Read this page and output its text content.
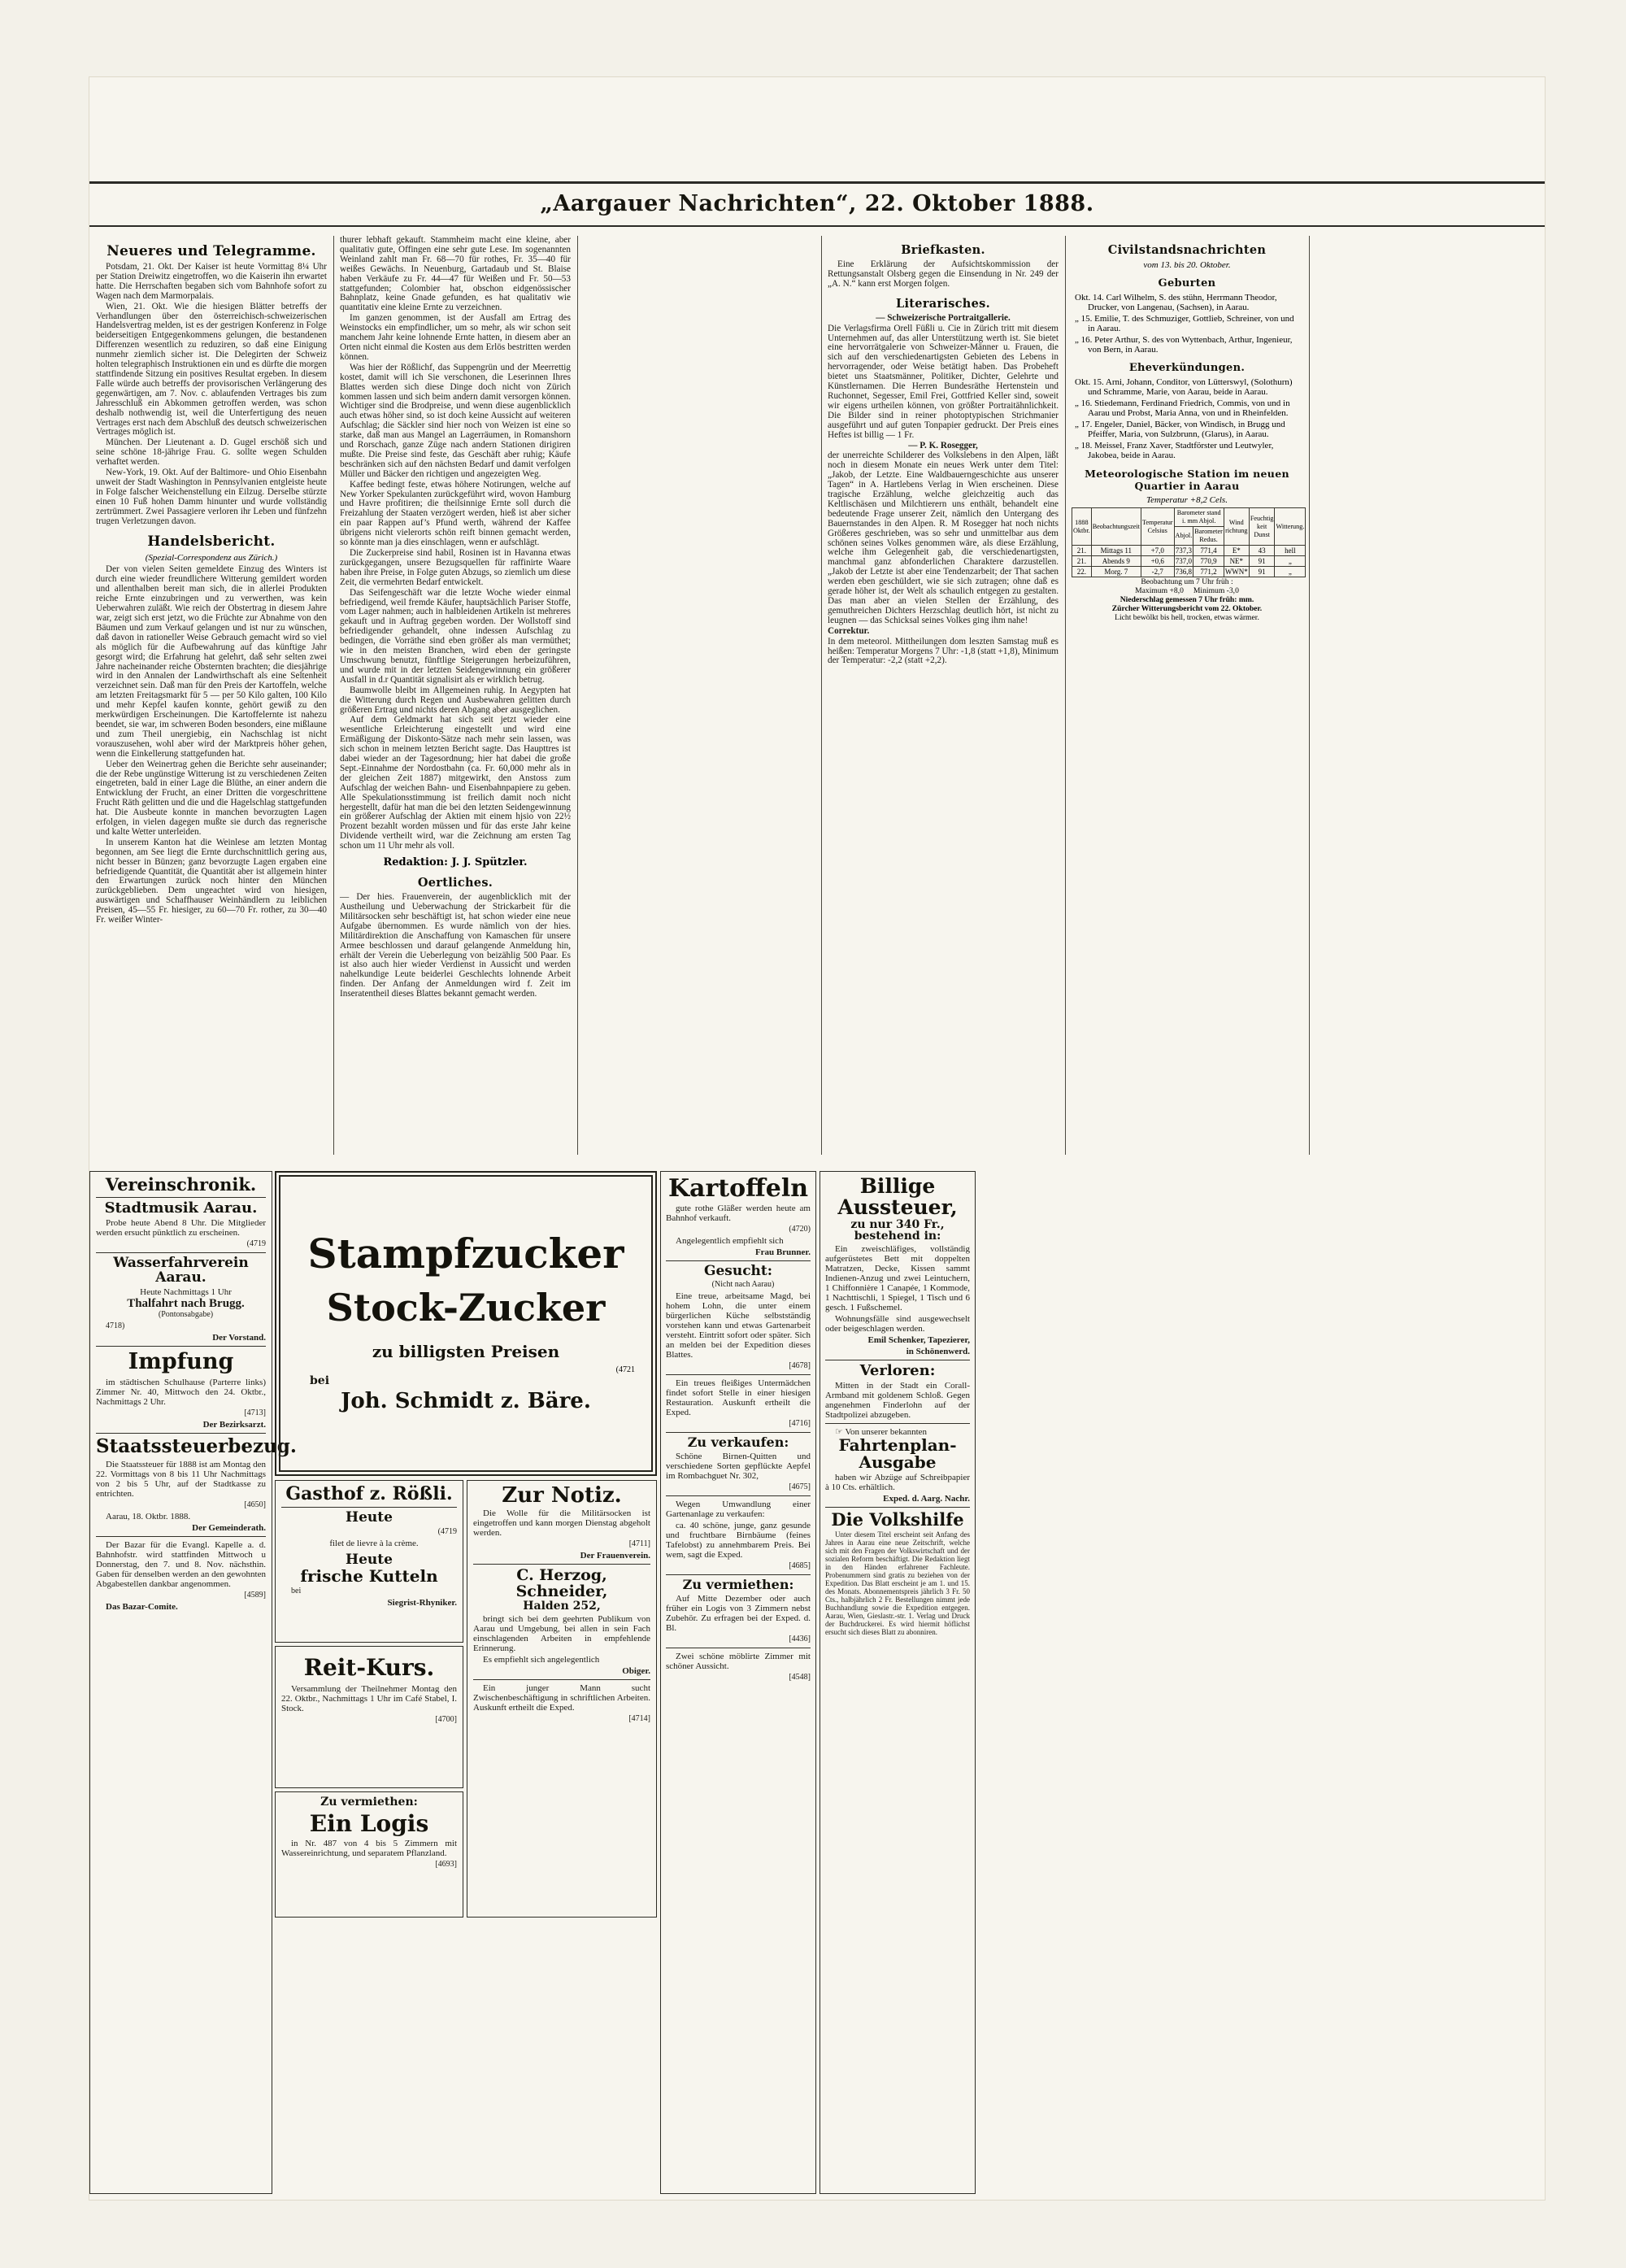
„Aargauer Nachrichten“, 22. Oktober 1888.
Neueres und Telegramme.

Potsdam, 21. Okt. Der Kaiser ist heute Vormittag 8¼ Uhr per Station Dreiwitz eingetroffen, wo die Kaiserin ihn erwartet hatte. Die Herrschaften begaben sich vom Bahnhofe sofort zu Wagen nach dem Marmorpalais.

Wien, 21. Okt. Wie die hiesigen Blätter betreffs der Verhandlungen über den österreichisch-schweizerischen Handelsvertrag melden, ist es der gestrigen Konferenz in Folge beiderseitigen Entgegenkommens gelungen, die bestandenen Differenzen wesentlich zu reduziren, so daß eine Einigung nunmehr ziemlich sicher ist. Die Delegirten der Schweiz holten telegraphisch Instruktionen ein und es dürfte die morgen stattfindende Sitzung ein positives Resultat ergeben. In diesem Falle würde auch betreffs der provisorischen Verlängerung des gegenwärtigen, am 7. Nov. c. ablaufenden Vertrages bis zum Jahresschluß ein Abkommen getroffen werden, was schon deshalb nothwendig ist, weil die Unterfertigung des neuen Vertrages erst nach dem Abschluß des deutsch schweizerischen Vertrages möglich ist.

München. Der Lieutenant a. D. Gugel erschöß sich und seine schöne 18-jährige Frau. G. sollte wegen Schulden verhaftet werden.

New-York, 19. Okt. Auf der Baltimore- und Ohio Eisenbahn unweit der Stadt Washington in Pennsylvanien entgleiste heute in Folge falscher Weichenstellung ein Eilzug. Derselbe stürzte einen 10 Fuß hohen Damm hinunter und wurde vollständig zertrümmert. Zwei Passagiere verloren ihr Leben und fünfzehn trugen Verletzungen davon.

Handelsbericht.
(Spezial-Correspondenz aus Zürich.)

Der von vielen Seiten gemeldete Einzug des Winters ist durch eine wieder freundlichere Witterung gemildert worden und allenthalben bereit man sich, die in allerlei Produkten reiche Ernte einzubringen und zu verwerthen, was kein Ueberwahren zuläßt. Wie reich der Obstertrag in diesem Jahre war, zeigt sich erst jetzt, wo die Früchte zur Abnahme von den Bäumen und zum Verkauf gelangen und ist nur zu wünschen, daß davon in rationeller Weise Gebrauch gemacht wird so viel als möglich für die Aufbewahrung auf das künftige Jahr gesorgt wird; die Erfahrung hat gelehrt, daß sehr selten zwei Jahre nacheinander reiche Obsternten brachten; die diesjährige wird in den Annalen der Landwirthschaft als eine Seltenheit verzeichnet sein. Daß man für den Preis der Kartoffeln, welche am letzten Freitagsmarkt für 5 — per 50 Kilo galten, 100 Kilo und mehr Kepfel kaufen konnte, gehört gewiß zu den merkwürdigen Erscheinungen. Die Kartoffelernte ist nahezu beendet, sie war, im schweren Boden besonders, eine mißlaune und zum Theil unergiebig, ein Nachschlag ist nicht vorauszusehen, wohl aber wird der Marktpreis höher gehen, wenn die Einkellerung stattgefunden hat.

Ueber den Weinertrag gehen die Berichte sehr auseinander; die der Rebe ungünstige Witterung ist zu verschiedenen Zeiten eingetreten, bald in einer Lage die Blüthe, an einer andern die Entwicklung der Frucht, an einer Dritten die vorgeschrittene Frucht Räth gelitten und die und die Hagelschlag stattgefunden hat. Die Ausbeute konnte in manchen bevorzugten Lagen erfolgen, in vielen dagegen mußte sie durch das regnerische und kalte Wetter unterleiden.

In unserem Kanton hat die Weinlese am letzten Montag begonnen, am See liegt die Ernte durchschnittlich gering aus, nicht besser in Bünzen; ganz bevorzugte Lagen ergaben eine befriedigende Quantität, die Quantität aber ist allgemein hinter den Erwartungen zurück noch hinter den München zurückgeblieben. Dem ungeachtet wird von hiesigen, auswärtigen und Schaffhauser Weinhändlern zu leiblichen Preisen, 45—55 Fr. hiesiger, zu 60—70 Fr. rother, zu 30—40 Fr. weißer Winter-

thurer lebhaft gekauft. Stammheim macht eine kleine, aber qualitativ gute, Offingen eine sehr gute Lese. Im sogenannten Weinland zahlt man Fr. 68—70 für rothes, Fr. 35—40 für weißes Gewächs. In Neuenburg, Gartadaub und St. Blaise haben Verkäufe zu Fr. 44—47 für Weißen und Fr. 50—53 stattgefunden; Colombier hat, obschon eidgenössischer Bahnplatz, keine Gnade gefunden, es hat qualitativ wie quantitativ eine kleine Ernte zu verzeichnen.

Im ganzen genommen, ist der Ausfall am Ertrag des Weinstocks ein empfindlicher, um so mehr, als wir schon seit manchem Jahr keine lohnende Ernte hatten, in diesem aber an Orten nicht einmal die Kosten aus dem Erlös bestritten werden können.

Was hier der Rößlichf, das Suppengrün und der Meerrettig kostet, damit will ich Sie verschonen, die Leserinnen Ihres Blattes werden sich diese Dinge doch nicht von Zürich kommen lassen und sich beim andern damit versorgen können. Wichtiger sind die Brodpreise, und wenn diese augenblicklich auch etwas höher sind, so ist doch keine Aussicht auf weiteren Aufschlag; die Säckler sind hier noch von Weizen ist eine so starke, daß man aus Mangel an Lagerräumen, in Romanshorn und Rorschach, ganze Züge nach andern Stationen dirigiren mußte. Die Preise sind feste, das Geschäft aber ruhig; Käufe beschränken sich auf den nächsten Bedarf und damit verfolgen Müller und Bäcker den richtigen und angezeigten Weg.

Kaffee bedingt feste, etwas höhere Notirungen, welche auf New Yorker Spekulanten zurückgeführt wird, wovon Hamburg und Havre profitiren; die theilsinnige Ernte soll durch die Freizahlung der Staaten verzögert werden, hieß ist aber sicher ein paar Rappen auf’s Pfund werth, während der Kaffee übrigens nicht vielerorts schön reift binnen gemacht werden, so könnte man ja dies einschlagen, wenn er aufschlägt.

Die Zuckerpreise sind habil, Rosinen ist in Havanna etwas zurückgegangen, unsere Bezugsquellen für raffinirte Waare haben ihre Preise, in Folge guten Abzugs, so ziemlich um diese Zeit, die vermehrten Bedarf entwickelt.

Das Seifengeschäft war die letzte Woche wieder einmal befriedigend, weil fremde Käufer, hauptsächlich Pariser Stoffe, vom Lager nahmen; auch in halbleidenen Artikeln ist mehreres gekauft und in Auftrag gegeben worden. Der Wollstoff sind befriedigender gehandelt, ohne indessen Aufschlag zu bedingen, die Vorräthe sind eben größer als man vermüthet; wie in den meisten Branchen, wird eben der geringste Umschwung benutzt, fünftlige Steigerungen herbeizuführen, und wurde mit in der letzten Seidengewinnung ein größerer Ausfall in d.r Quantität signalisirt als er wirklich betrug.

Baumwolle bleibt im Allgemeinen ruhig. In Aegypten hat die Witterung durch Regen und Ausbewahren gelitten durch größeren Ertrag und nichts deren Abgang aber ausgeglichen.

Auf dem Geldmarkt hat sich seit jetzt wieder eine wesentliche Erleichterung eingestellt und wird eine Ermäßigung der Diskonto-Sätze nach mehr sein lassen, was sich schon in meinem letzten Bericht sagte. Das Haupttres ist dabei wieder an der Tagesordnung; hier hat dabei die große Sept.-Einnahme der Nordostbahn (ca. Fr. 60,000 mehr als in der gleichen Zeit 1887) mitgewirkt, den Anstoss zum Aufschlag der weichen Bahn- und Eisenbahnpapiere zu geben. Alle Spekulationsstimmung ist freilich damit noch nicht hergestellt, dafür hat man die bei den letzten Seidengewinnung ein größerer Aufschlag der Aktien mit einem hjsio von 22½ Prozent bezahlt worden müssen und für das erste Jahr keine Dividende vertheilt wird, war die Zeichnung am ersten Tag schon um 11 Uhr mehr als voll.

Redaktion: J. J. Spützler.
Oertliches.

— Der hies. Frauenverein, der augenblicklich mit der Austheilung und Ueberwachung der Strickarbeit für die Militärsocken sehr beschäftigt ist, hat schon wieder eine neue Aufgabe übernommen. Es wurde nämlich von der hies. Militärdirektion die Anschaffung von Kamaschen für unsere Armee beschlossen und darauf gelangende Anmeldung hin, erhält der Verein die Ueberlegung von beizählig 500 Paar. Es ist also auch hier wieder Verdienst in Aussicht und werden nahelkundige Leute beiderlei Geschlechts lohnende Arbeit finden. Der Anfang der Anmeldungen wird f. Zeit im Inseratentheil dieses Blattes bekannt gemacht werden.

Briefkasten.

Eine Erklärung der Aufsichtskommission der Rettungsanstalt Olsberg gegen die Einsendung in Nr. 249 der „A. N.“ kann erst Morgen folgen.

Literarisches.

— Schweizerische Portraitgallerie.

Die Verlagsfirma Orell Füßli u. Cie in Zürich tritt mit diesem Unternehmen auf, das aller Unterstützung werth ist. Sie bietet eine hervorrätgalerie von Schweizer-Männer u. Frauen, die sich auf den verschiedenartigsten Gebieten des Lebens in hervorragender, oder Weise betätigt haben. Das Probeheft bietet uns Staatsmänner, Politiker, Dichter, Gelehrte und Künstlernamen. Die Herren Bundesräthe Hertenstein und Ruchonnet, Segesser, Emil Frei, Gottfried Keller sind, soweit wir eigens urtheilen können, von größter Portraitähnlichkeit. Die Bilder sind in reiner photoptypischen Strichmanier ausgeführt und auf guten Tonpapier gedruckt. Der Preis eines Heftes ist billig — 1 Fr.

— P. K. Rosegger,

der unerreichte Schilderer des Volkslebens in den Alpen, läßt noch in diesem Monate ein neues Werk unter dem Titel: „Jakob, der Letzte. Eine Waldbauerngeschichte aus unserer Tagen“ in A. Hartlebens Verlag in Wien erscheinen. Diese tragische Erzählung, welche gleichzeitig auch das Keltlischäsen und Milchtierern uns enthält, behandelt eine bedeutende Frage unserer Zeit, nämlich den Untergang des Bauernstandes in den Alpen. R. M Rosegger hat noch nichts Größeres geschrieben, was so sehr und unmittelbar aus dem schönen seines Volkes genommen wäre, als diese Erzählung, welche ihm Gelegenheit gab, die verschiedenartigsten, manchmal ganz abfonderlichen Charaktere darzustellen. „Jakob der Letzte ist aber eine Tendenzarbeit; der That sachen werden eben geschüldert, wie sie sich zutragen; ohne daß es gerade höher ist, der Welt als schaulich entgegen zu gestalten. Das man aber an vielen Stellen der Erzählung, des gemuthreichen Dichters Herzschlag deutlich hört, ist nicht zu leugnen — das Schicksal seines Volkes ging ihm nahe!

Correktur.

In dem meteorol. Mittheilungen dom leszten Samstag muß es heißen: Temperatur Morgens 7 Uhr: -1,8 (statt +1,8), Minimum der Temperatur: -2,2 (statt +2,2).

Civilstandsnachrichten
vom 13. bis 20. Oktober.
Geburten
Okt. 14. Carl Wilhelm, S. des stühn, Herrmann Theodor, Drucker, von Langenau, (Sachsen), in Aarau.
„ 15. Emilie, T. des Schmuziger, Gottlieb, Schreiner, von und in Aarau.
„ 16. Peter Arthur, S. des von Wyttenbach, Arthur, Ingenieur, von Bern, in Aarau.
Eheverkündungen.
Okt. 15. Arni, Johann, Conditor, von Lütterswyl, (Solothurn) und Schramme, Marie, von Aarau, beide in Aarau.
„ 16. Stiedemann, Ferdinand Friedrich, Commis, von und in Aarau und Probst, Maria Anna, von und in Rheinfelden.
„ 17. Engeler, Daniel, Bäcker, von Windisch, in Brugg und Pfeiffer, Maria, von Sulzbrunn, (Glarus), in Aarau.
„ 18. Meissel, Franz Xaver, Stadtförster und Leutwyler, Jakobea, beide in Aarau.
Meteorologische Station im neuen Quartier in Aarau
Temperatur +8,2 Cels.
1888 Oktbr.	Beobachtungszeit	Temperatur Celsius	Barometer stand i. mm Abjol.		Wind richtung	Feuchtig keit Dunst	Witterung.
			Abjol.	Barometer Redus.			
21.	Mittags 11	+7,0	737,3	771,4	E*	43	hell
21.	Abends 9	+0,6	737,0	770,9	NE*	91	„
22.	Morg. 7	-2,7	736,8	771,2	WWN*	91	„
Beobachtung um 7 Uhr früh :
Maximum +8,0 Minimum -3,0
Niederschlag gemessen 7 Uhr früh: mm.
Zürcher Witterungsbericht vom 22. Oktober.
Licht bewölkt bis hell, trocken, etwas wärmer.
Vereinschronik.
Stadtmusik Aarau.

Probe heute Abend 8 Uhr. Die Mitglieder werden ersucht pünktlich zu erscheinen.

(4719

Wasserfahrverein Aarau.

Heute Nachmittags 1 Uhr

Thalfahrt nach Brugg.

(Pontonsabgabe)

4718)

Der Vorstand.

Impfung

im städtischen Schulhause (Parterre links) Zimmer Nr. 40, Mittwoch den 24. Oktbr., Nachmittags 2 Uhr.

[4713]

Der Bezirksarzt.

Staatssteuerbezug.

Die Staatssteuer für 1888 ist am Montag den 22. Vormittags von 8 bis 11 Uhr Nachmittags von 2 bis 5 Uhr, auf der Stadtkasse zu entrichten.

[4650]

Aarau, 18. Oktbr. 1888.

Der Gemeinderath.

Der Bazar für die Evangl. Kapelle a. d. Bahnhofstr. wird stattfinden Mittwoch u Donnerstag, den 7. und 8. Nov. nächsthin. Gaben für denselben werden an den gewohnten Abgabestellen dankbar angenommen.

[4589]

Das Bazar-Comite.

Stampfzucker
Stock-Zucker
zu billigsten Preisen
(4721
bei
Joh. Schmidt z. Bäre.
Gasthof z. Rößli.
Heute

(4719

filet de lievre à la crème.

Heute
frische Kutteln

bei

Siegrist-Rhyniker.

Reit-Kurs.

Versammlung der Theilnehmer Montag den 22. Oktbr., Nachmittags 1 Uhr im Café Stabel, I. Stock.

[4700]

Zu vermiethen:
Ein Logis

in Nr. 487 von 4 bis 5 Zimmern mit Wassereinrichtung, und separatem Pflanzland.

[4693]

Zur Notiz.

Die Wolle für die Militärsocken ist eingetroffen und kann morgen Dienstag abgeholt werden.

[4711]

Der Frauenverein.

C. Herzog, Schneider,
Halden 252,

bringt sich bei dem geehrten Publikum von Aarau und Umgebung, bei allen in sein Fach einschlagenden Arbeiten in empfehlende Erinnerung.

Es empfiehlt sich angelegentlich

Obiger.

Ein junger Mann sucht Zwischenbeschäftigung in schriftlichen Arbeiten. Auskunft ertheilt die Exped.

[4714]

Kartoffeln

gute rothe Gläßer werden heute am Bahnhof verkauft.

(4720)

Angelegentlich empfiehlt sich

Frau Brunner.

Gesucht:

(Nicht nach Aarau)

Eine treue, arbeitsame Magd, bei hohem Lohn, die unter einem bürgerlichen Küche selbstständig vorstehen kann und etwas Gartenarbeit versteht. Eintritt sofort oder später. Sich an melden bei der Expedition dieses Blattes.

[4678]

Ein treues fleißiges Untermädchen findet sofort Stelle in einer hiesigen Restauration. Auskunft ertheilt die Exped.

[4716]

Zu verkaufen:

Schöne Birnen-Quitten und verschiedene Sorten gepflückte Aepfel im Rombachguet Nr. 302,

[4675]

Wegen Umwandlung einer Gartenanlage zu verkaufen:

ca. 40 schöne, junge, ganz gesunde und fruchtbare Birnbäume (feines Tafelobst) zu annehmbarem Preis. Bei wem, sagt die Exped.

[4685]

Zu vermiethen:

Auf Mitte Dezember oder auch früher ein Logis von 3 Zimmern nebst Zubehör. Zu erfragen bei der Exped. d. Bl.

[4436]

Zwei schöne möblirte Zimmer mit schöner Aussicht.

[4548]

Billige Aussteuer,
zu nur 340 Fr., bestehend in:

Ein zweischläfiges, vollständig aufgerüstetes Bett mit doppelten Matratzen, Decke, Kissen sammt Indienen-Anzug und zwei Leintuchern, 1 Chiffonnière 1 Canapée, 1 Kommode, 1 Nachttischli, 1 Spiegel, 1 Tisch und 6 gesch. 1 Fußschemel.

Wohnungsfälle sind ausgewechselt oder beigeschlagen werden.

Emil Schenker, Tapezierer,

in Schönenwerd.

Verloren:

Mitten in der Stadt ein Corall-Armband mit goldenem Schloß. Gegen angenehmen Finderlohn auf der Stadtpolizei abzugeben.

☞ Von unserer bekannten

Fahrtenplan-Ausgabe

haben wir Abzüge auf Schreibpapier à 10 Cts. erhältlich.

Exped. d. Aarg. Nachr.

Die Volkshilfe

Unter diesem Titel erscheint seit Anfang des Jahres in Aarau eine neue Zeitschrift, welche sich mit den Fragen der Volkswirtschaft und der sozialen Reform beschäftigt. Die Redaktion liegt in den Händen erfahrener Fachleute. Probenummern sind gratis zu beziehen von der Expedition. Das Blatt erscheint je am 1. und 15. des Monats. Abonnementspreis jährlich 3 Fr. 50 Cts., halbjährlich 2 Fr. Bestellungen nimmt jede Buchhandlung sowie die Expedition entgegen. Aarau, Wien, Gieslastr.-str. 1. Verlag und Druck der Buchdruckerei. Es wird hiermit höflichst ersucht sich dieses Blatt zu abonniren.
